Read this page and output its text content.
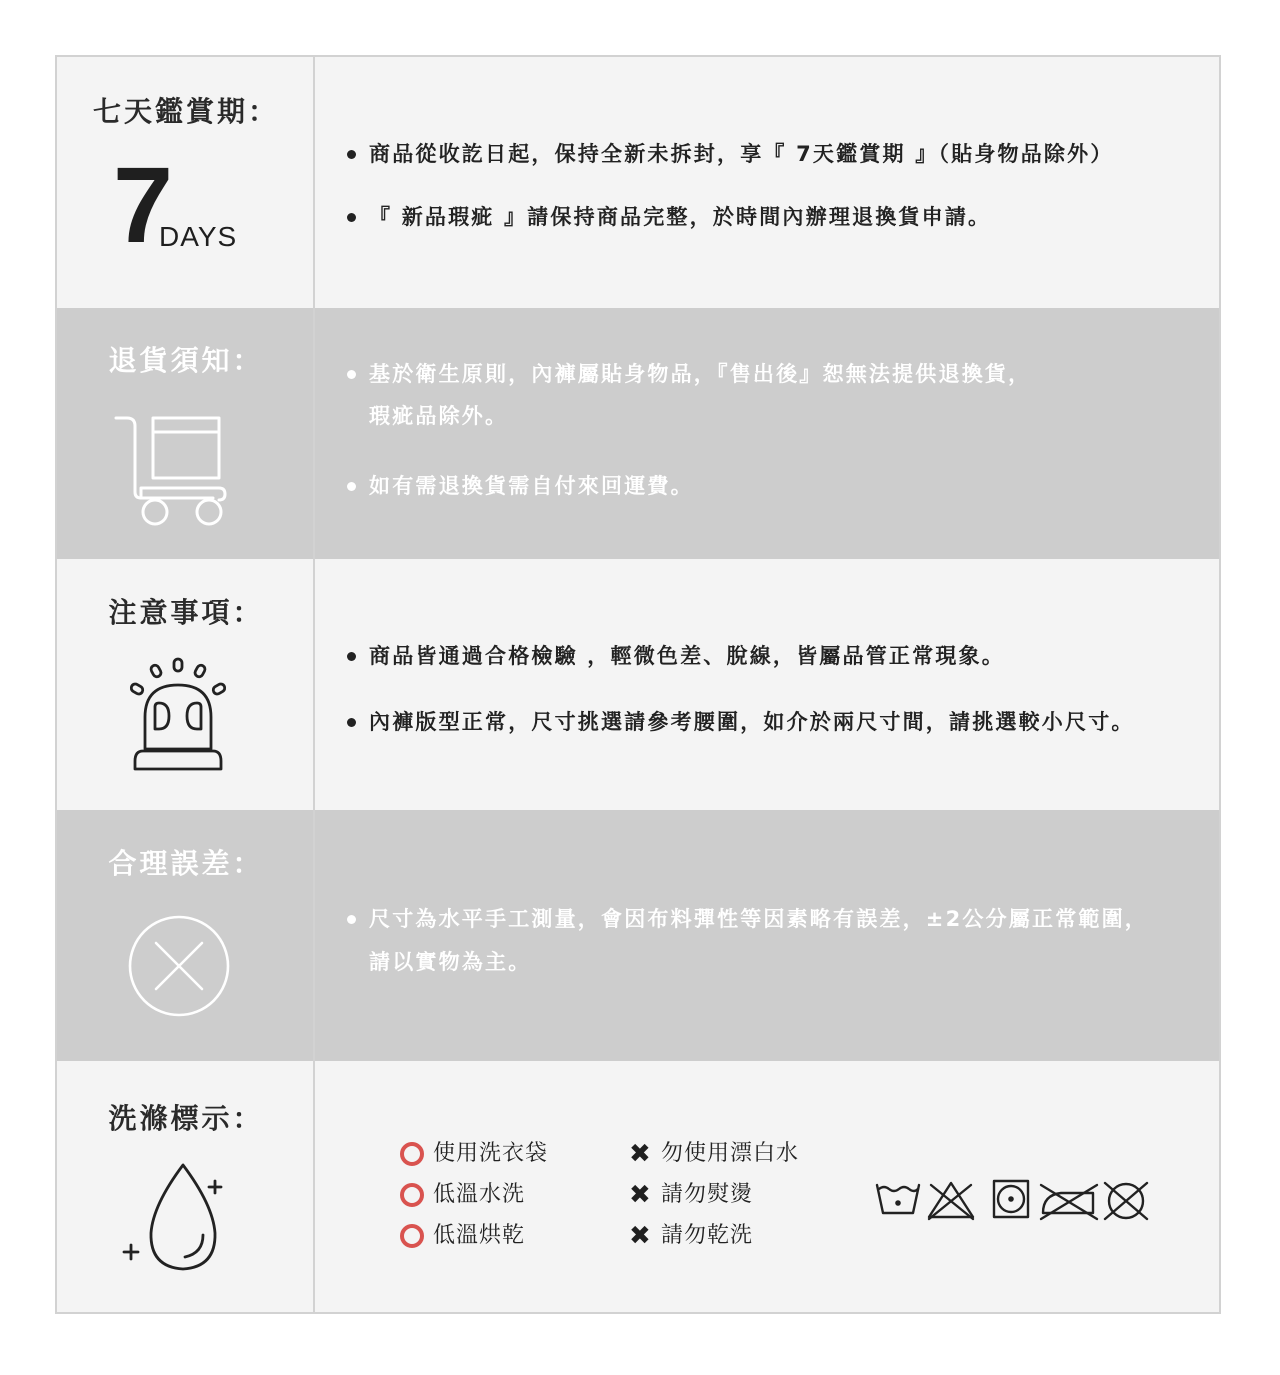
七天鑑賞期：
7
DAYS
商品從收訖日起，保持全新未拆封，享『 7天鑑賞期 』（貼身物品除外）
『 新品瑕疵 』請保持商品完整，於時間內辦理退換貨申請。
退貨須知：	基於衛生原則，內褲屬貼身物品，『售出後』恕無法提供退換貨，
瑕疵品除外。
如有需退換貨需自付來回運費。
注意事項：
商品皆通過合格檢驗 ，輕微色差、脫線，皆屬品管正常現象。
內褲版型正常，尺寸挑選請參考腰圍，如介於兩尺寸間，請挑選較小尺寸。
合理誤差：
尺寸為水平手工測量，會因布料彈性等因素略有誤差，±2公分屬正常範圍，
請以實物為主。
洗滌標示：
使用洗衣袋
低溫水洗
低溫烘乾
✖ 勿使用漂白水
✖ 請勿熨燙
✖ 請勿乾洗
